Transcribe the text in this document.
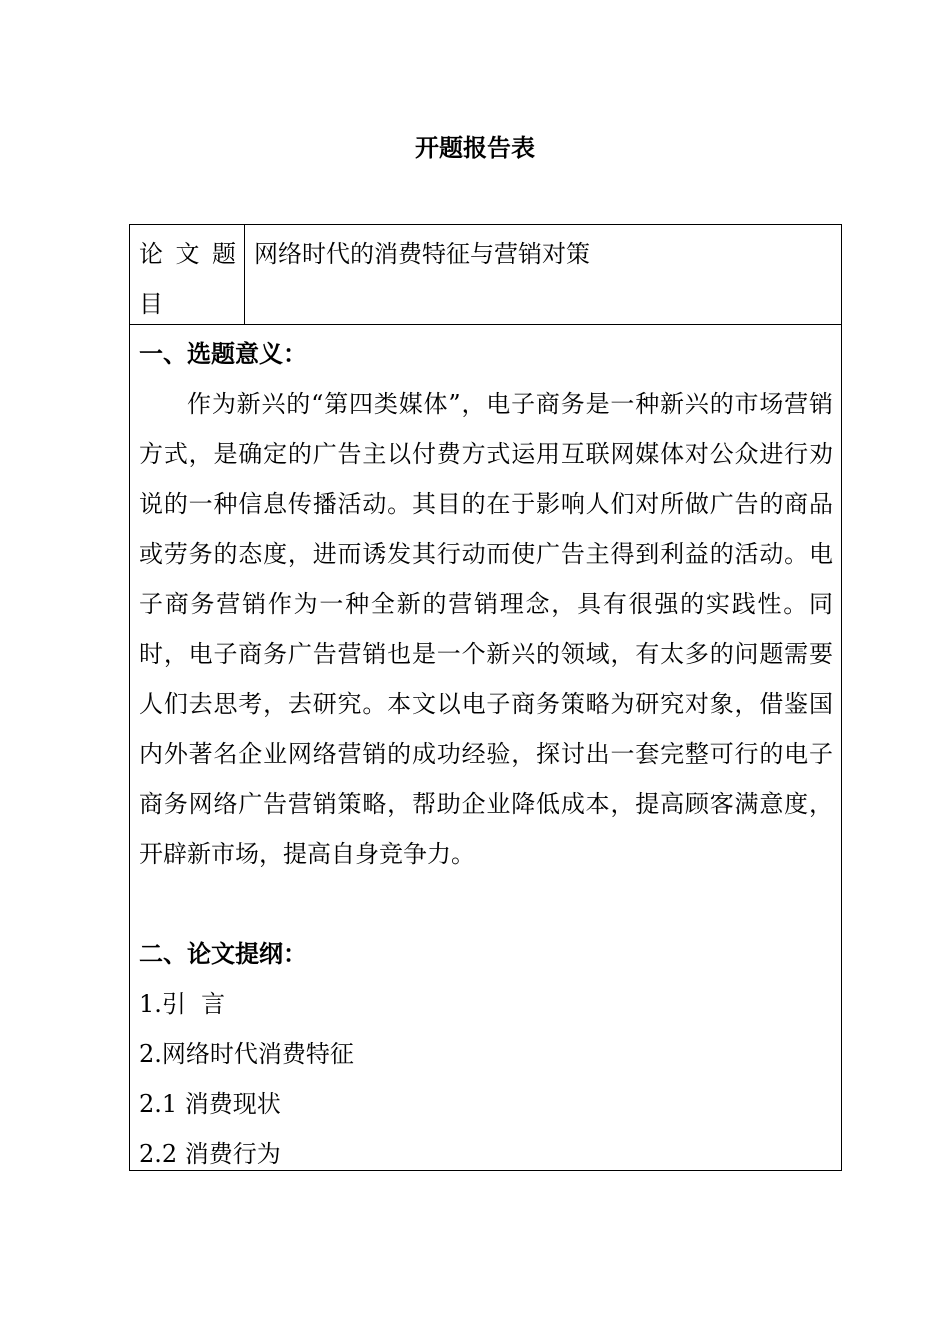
开题报告表
论 文 题
目
网络时代的消费特征与营销对策
一、选题意义：

作为新兴的“第四类媒体”，电子商务是一种新兴的市场营销方式，是确定的广告主以付费方式运用互联网媒体对公众进行劝说的一种信息传播活动。其目的在于影响人们对所做广告的商品或劳务的态度，进而诱发其行动而使广告主得到利益的活动。电子商务营销作为一种全新的营销理念，具有很强的实践性。同时，电子商务广告营销也是一个新兴的领域，有太多的问题需要人们去思考，去研究。本文以电子商务策略为研究对象，借鉴国内外著名企业网络营销的成功经验，探讨出一套完整可行的电子商务网络广告营销策略，帮助企业降低成本，提高顾客满意度，开辟新市场，提高自身竞争力。

二、论文提纲：
1.引  言
2.网络时代消费特征
2.1 消费现状
2.2 消费行为
